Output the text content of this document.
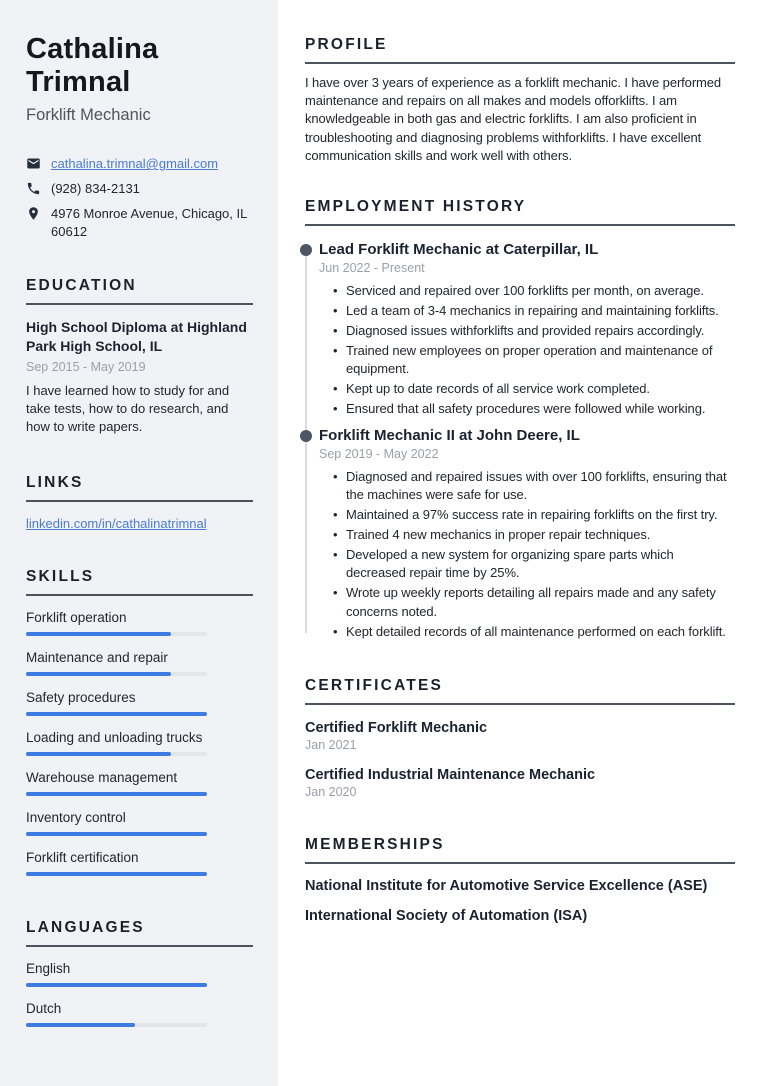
Cathalina Trimnal
Forklift Mechanic
cathalina.trimnal@gmail.com
(928) 834-2131
4976 Monroe Avenue, Chicago, IL 60612
EDUCATION
High School Diploma at Highland Park High School, IL
Sep 2015 - May 2019

I have learned how to study for and take tests, how to do research, and how to write papers.

LINKS
linkedin.com/in/cathalinatrimnal
SKILLS
Forklift operation
Maintenance and repair
Safety procedures
Loading and unloading trucks
Warehouse management
Inventory control
Forklift certification
LANGUAGES
English
Dutch
PROFILE

I have over 3 years of experience as a forklift mechanic. I have performed maintenance and repairs on all makes and models offorklifts. I am knowledgeable in both gas and electric forklifts. I am also proficient in troubleshooting and diagnosing problems withforklifts. I have excellent communication skills and work well with others.

EMPLOYMENT HISTORY
Lead Forklift Mechanic at Caterpillar, IL
Jun 2022 - Present
• Serviced and repaired over 100 forklifts per month, on average.
• Led a team of 3-4 mechanics in repairing and maintaining forklifts.
• Diagnosed issues withforklifts and provided repairs accordingly.
• Trained new employees on proper operation and maintenance of equipment.
• Kept up to date records of all service work completed.
• Ensured that all safety procedures were followed while working.
Forklift Mechanic II at John Deere, IL
Sep 2019 - May 2022
• Diagnosed and repaired issues with over 100 forklifts, ensuring that the machines were safe for use.
• Maintained a 97% success rate in repairing forklifts on the first try.
• Trained 4 new mechanics in proper repair techniques.
• Developed a new system for organizing spare parts which decreased repair time by 25%.
• Wrote up weekly reports detailing all repairs made and any safety concerns noted.
• Kept detailed records of all maintenance performed on each forklift.
CERTIFICATES
Certified Forklift Mechanic
Jan 2021
Certified Industrial Maintenance Mechanic
Jan 2020
MEMBERSHIPS
National Institute for Automotive Service Excellence (ASE)
International Society of Automation (ISA)
